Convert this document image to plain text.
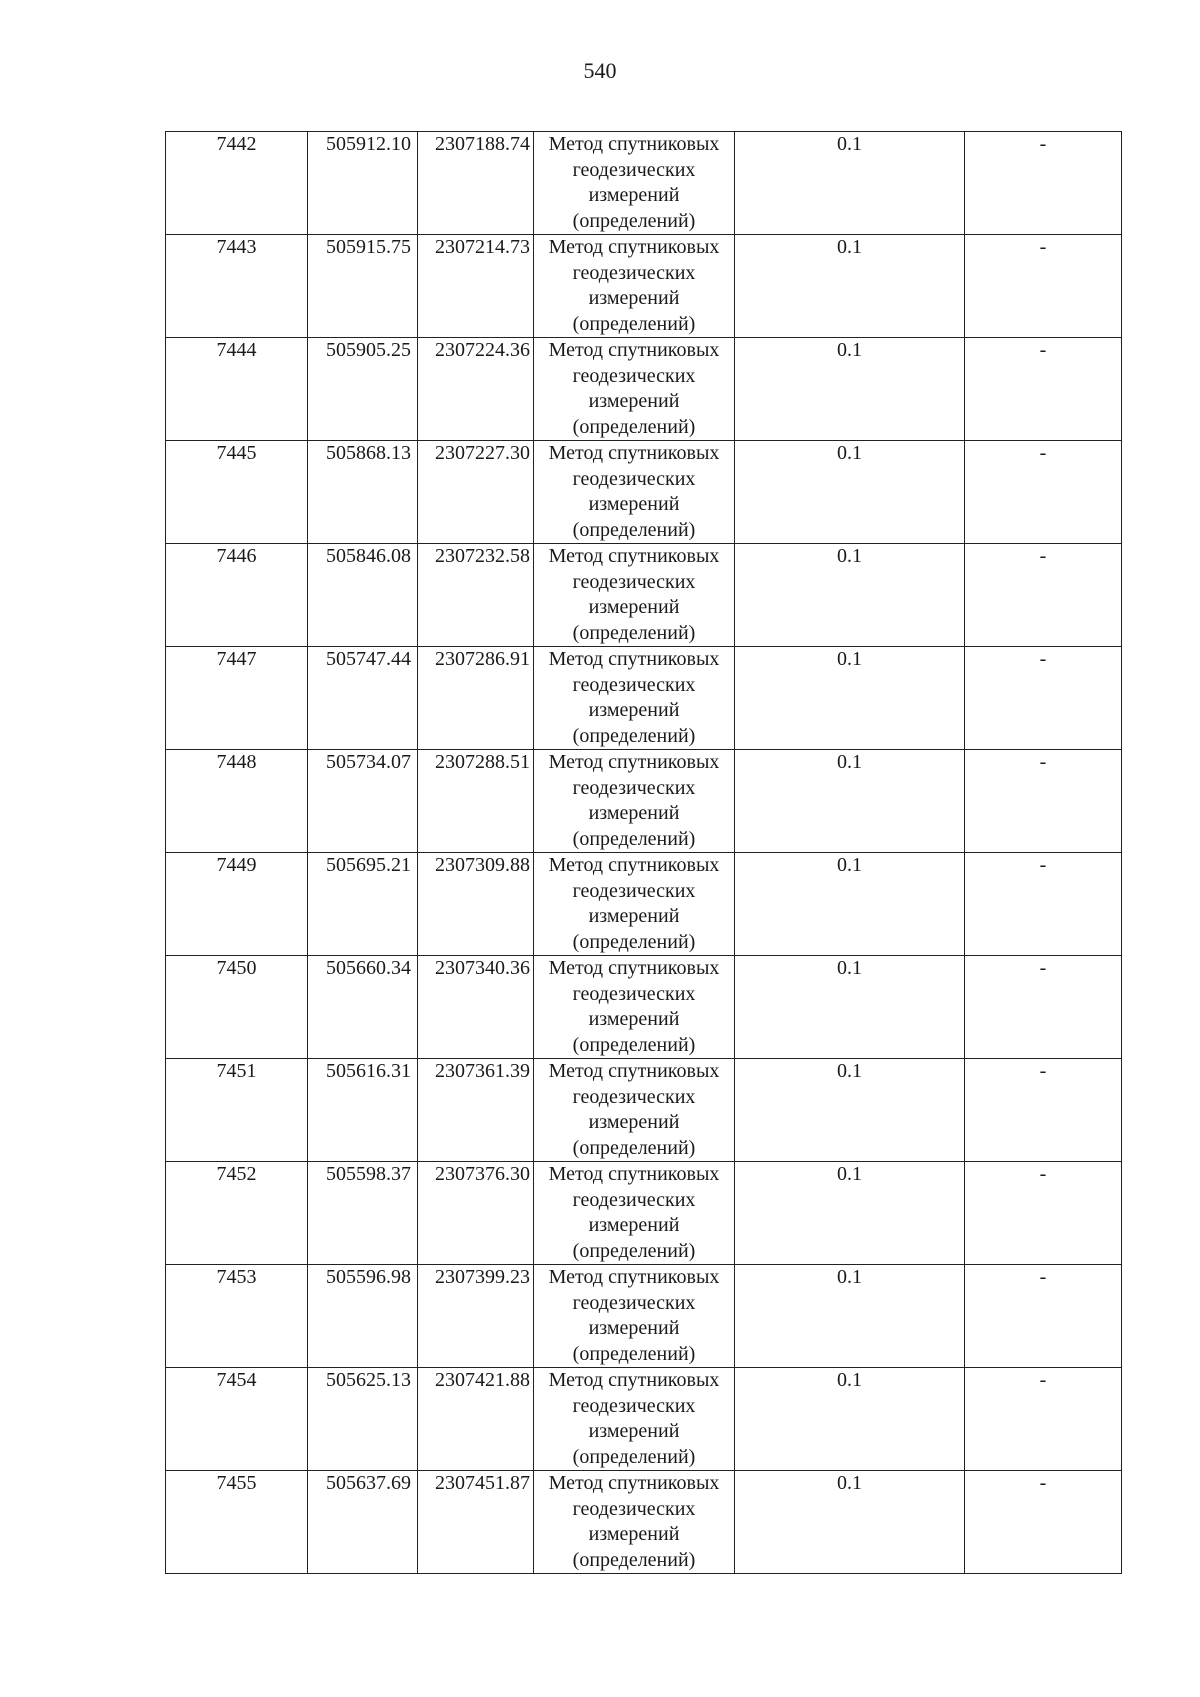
540
7442	505912.10	2307188.74	Метод спутниковых
геодезических
измерений
(определений)	0.1	-
7443	505915.75	2307214.73	Метод спутниковых
геодезических
измерений
(определений)	0.1	-
7444	505905.25	2307224.36	Метод спутниковых
геодезических
измерений
(определений)	0.1	-
7445	505868.13	2307227.30	Метод спутниковых
геодезических
измерений
(определений)	0.1	-
7446	505846.08	2307232.58	Метод спутниковых
геодезических
измерений
(определений)	0.1	-
7447	505747.44	2307286.91	Метод спутниковых
геодезических
измерений
(определений)	0.1	-
7448	505734.07	2307288.51	Метод спутниковых
геодезических
измерений
(определений)	0.1	-
7449	505695.21	2307309.88	Метод спутниковых
геодезических
измерений
(определений)	0.1	-
7450	505660.34	2307340.36	Метод спутниковых
геодезических
измерений
(определений)	0.1	-
7451	505616.31	2307361.39	Метод спутниковых
геодезических
измерений
(определений)	0.1	-
7452	505598.37	2307376.30	Метод спутниковых
геодезических
измерений
(определений)	0.1	-
7453	505596.98	2307399.23	Метод спутниковых
геодезических
измерений
(определений)	0.1	-
7454	505625.13	2307421.88	Метод спутниковых
геодезических
измерений
(определений)	0.1	-
7455	505637.69	2307451.87	Метод спутниковых
геодезических
измерений
(определений)	0.1	-
